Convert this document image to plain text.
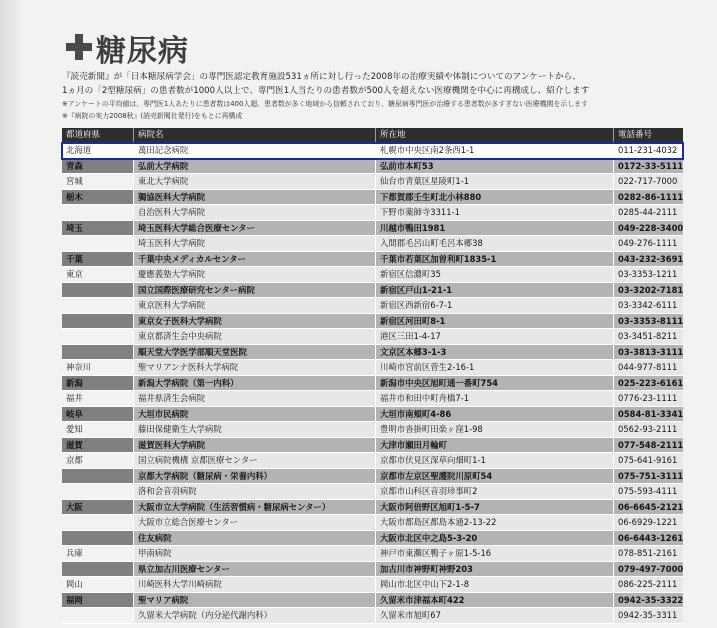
糖尿病

『読売新聞』が「日本糖尿病学会」の専門医認定教育施設531ヵ所に対し行った2008年の治療実績や体制についてのアンケートから、

1ヵ月の「2型糖尿病」の患者数が1000人以上で、専門医1人当たりの患者数が500人を超えない医療機関を中心に再構成し、紹介します

※アンケートの平均値は、専門医1人あたりに患者数は400人超。患者数が多く地域から信頼されており、糖尿病専門医が治療する患者数が多すぎない医療機関を示します

※『病院の実力2008秋』(読売新聞社発行)をもとに再構成

都道府県	病院名	所在地	電話番号
北海道	萬田記念病院	札幌市中央区南2条西1-1	011-231-4032
青森	弘前大学病院	弘前市本町53	0172-33-5111
宮城	東北大学病院	仙台市青葉区星陵町1-1	022-717-7000
栃木	獨協医科大学病院	下都賀郡壬生町北小林880	0282-86-1111
自治医科大学病院	下野市薬師寺3311-1	0285-44-2111
埼玉	埼玉医科大学総合医療センター	川越市鴨田1981	049-228-3400
埼玉医科大学病院	入間郡毛呂山町毛呂本郷38	049-276-1111
千葉	千葉中央メディカルセンター	千葉市若葉区加曽利町1835-1	043-232-3691
東京	慶應義塾大学病院	新宿区信濃町35	03-3353-1211
国立国際医療研究センター病院	新宿区戸山1-21-1	03-3202-7181
東京医科大学病院	新宿区西新宿6-7-1	03-3342-6111
東京女子医科大学病院	新宿区河田町8-1	03-3353-8111
東京都済生会中央病院	港区三田1-4-17	03-3451-8211
順天堂大学医学部順天堂医院	文京区本郷3-1-3	03-3813-3111
神奈川	聖マリアンナ医科大学病院	川崎市宮前区菅生2-16-1	044-977-8111
新潟	新潟大学病院（第一内科）	新潟市中央区旭町通一番町754	025-223-6161
福井	福井県済生会病院	福井市和田中町舟橋7-1	0776-23-1111
岐阜	大垣市民病院	大垣市南頬町4-86	0584-81-3341
愛知	藤田保健衛生大学病院	豊明市沓掛町田楽ヶ窪1-98	0562-93-2111
滋賀	滋賀医科大学病院	大津市瀬田月輪町	077-548-2111
京都	国立病院機構 京都医療センター	京都市伏見区深草向畑町1-1	075-641-9161
京都大学病院（糖尿病・栄養内科）	京都市左京区聖護院川原町54	075-751-3111
洛和会音羽病院	京都市山科区音羽珍事町2	075-593-4111
大阪	大阪市立大学病院（生活習慣病・糖尿病センター）	大阪市阿倍野区旭町1-5-7	06-6645-2121
大阪市立総合医療センター	大阪市都島区都島本通2-13-22	06-6929-1221
住友病院	大阪市北区中之島5-3-20	06-6443-1261
兵庫	甲南病院	神戸市東灘区鴨子ヶ原1-5-16	078-851-2161
県立加古川医療センター	加古川市神野町神野203	079-497-7000
岡山	川崎医科大学川崎病院	岡山市北区中山下2-1-8	086-225-2111
福岡	聖マリア病院	久留米市津福本町422	0942-35-3322
久留米大学病院（内分泌代謝内科）	久留米市旭町67	0942-35-3311
